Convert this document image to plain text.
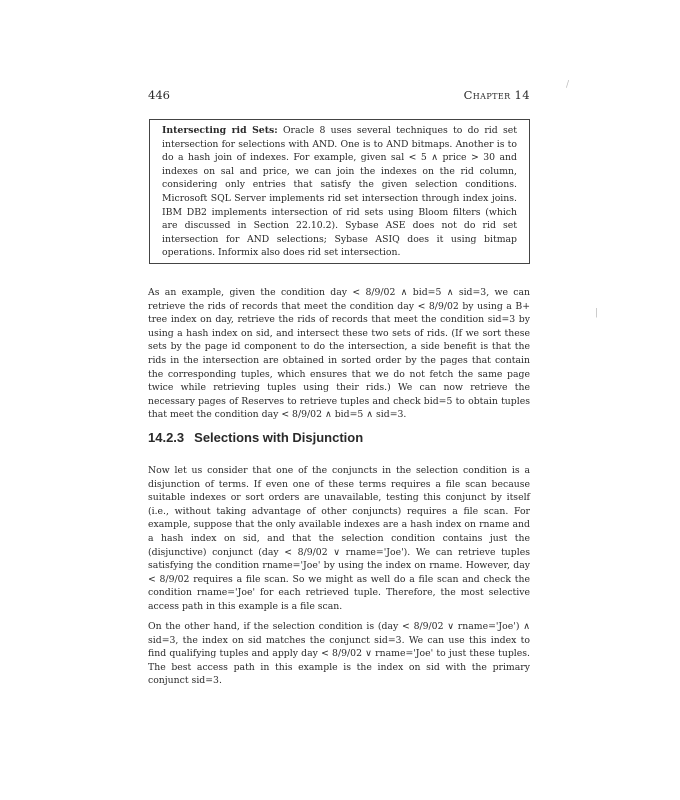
446	Chapter 14
Intersecting rid Sets: Oracle 8 uses several techniques to do rid set intersection for selections with AND. One is to AND bitmaps. Another is to do a hash join of indexes. For example, given sal < 5 ∧ price > 30 and indexes on sal and price, we can join the indexes on the rid column, considering only entries that satisfy the given selection conditions. Microsoft SQL Server implements rid set intersection through index joins. IBM DB2 implements intersection of rid sets using Bloom filters (which are discussed in Section 22.10.2). Sybase ASE does not do rid set intersection for AND selections; Sybase ASIQ does it using bitmap operations. Informix also does rid set intersection.

As an example, given the condition day < 8/9/02 ∧ bid=5 ∧ sid=3, we can retrieve the rids of records that meet the condition day < 8/9/02 by using a B+ tree index on day, retrieve the rids of records that meet the condition sid=3 by using a hash index on sid, and intersect these two sets of rids. (If we sort these sets by the page id component to do the intersection, a side benefit is that the rids in the intersection are obtained in sorted order by the pages that contain the corresponding tuples, which ensures that we do not fetch the same page twice while retrieving tuples using their rids.) We can now retrieve the necessary pages of Reserves to retrieve tuples and check bid=5 to obtain tuples that meet the condition day < 8/9/02 ∧ bid=5 ∧ sid=3.

14.2.3 Selections with Disjunction

Now let us consider that one of the conjuncts in the selection condition is a disjunction of terms. If even one of these terms requires a file scan because suitable indexes or sort orders are unavailable, testing this conjunct by itself (i.e., without taking advantage of other conjuncts) requires a file scan. For example, suppose that the only available indexes are a hash index on rname and a hash index on sid, and that the selection condition contains just the (disjunctive) conjunct (day < 8/9/02 ∨ rname='Joe'). We can retrieve tuples satisfying the condition rname='Joe' by using the index on rname. However, day < 8/9/02 requires a file scan. So we might as well do a file scan and check the condition rname='Joe' for each retrieved tuple. Therefore, the most selective access path in this example is a file scan.

On the other hand, if the selection condition is (day < 8/9/02 ∨ rname='Joe') ∧ sid=3, the index on sid matches the conjunct sid=3. We can use this index to find qualifying tuples and apply day < 8/9/02 ∨ rname='Joe' to just these tuples. The best access path in this example is the index on sid with the primary conjunct sid=3.

/
|
